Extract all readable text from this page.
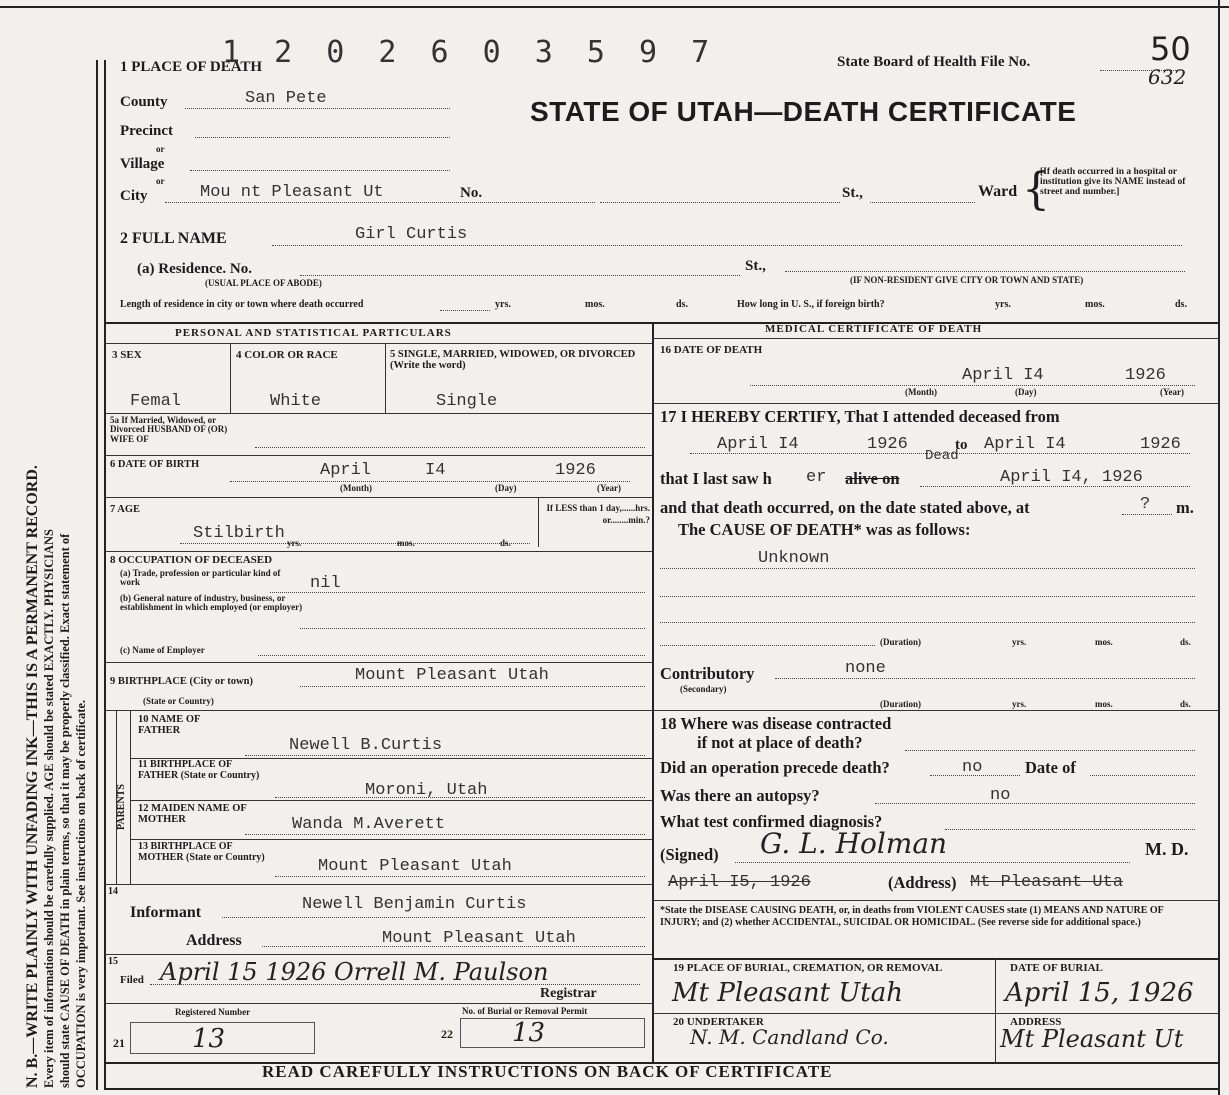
N. B.—WRITE PLAINLY WITH UNFADING INK—THIS IS A PERMANENT RECORD. Every item of information should be carefully supplied. AGE should be stated EXACTLY. PHYSICIANS should state CAUSE OF DEATH in plain terms, so that it may be properly classified. Exact statement of OCCUPATION is very important. See instructions on back of certificate.
1 PLACE OF DEATH
1 2 0 2 6 0 3 5 9 7	State Board of Health File No.	50
632
STATE OF UTAH—DEATH CERTIFICATE
County	San Pete
Precinct
or
Village
or
City	Mou nt Pleasant Ut	No.	St.,	Ward {
[If death occurred in a hospital or institution give its NAME instead of street and number.]
2 FULL NAME	Girl Curtis
(a) Residence. No.
(USUAL PLACE OF ABODE)
St.,
(IF NON-RESIDENT GIVE CITY OR TOWN AND STATE)
Length of residence in city or town where death occurred	yrs.	mos.	ds.	How long in U. S., if foreign birth?	yrs.	mos.	ds.
PERSONAL AND STATISTICAL PARTICULARS	MEDICAL CERTIFICATE OF DEATH
3 SEX
Femal
4 COLOR OR RACE
White
5 SINGLE, MARRIED, WIDOWED, OR DIVORCED (Write the word)
Single
5a If Married, Widowed, or Divorced HUSBAND OF (OR) WIFE OF
6 DATE OF BIRTH	April	I4	1926
(Month)	(Day)	(Year)
7 AGE
Stilbirth yrs.	mos.	ds.
If LESS than 1 day,......hrs. or........min.?
8 OCCUPATION OF DECEASED
(a) Trade, profession or particular kind of work
(b) General nature of industry, business, or establishment in which employed (or employer)
nil
(c) Name of Employer
9 BIRTHPLACE (City or town)
(State or Country)
Mount Pleasant Utah
PARENTS
10 NAME OF FATHER
Newell B.Curtis
11 BIRTHPLACE OF FATHER (State or Country)
Moroni, Utah
12 MAIDEN NAME OF MOTHER	Wanda M.Averett
13 BIRTHPLACE OF MOTHER (State or Country)	Mount Pleasant Utah
14
Informant	Newell Benjamin Curtis
Address	Mount Pleasant Utah
15
Filed April 15 1926 Orrell M. Paulson
Registrar
Registered Number
21	13
No. of Burial or Removal Permit
22 13
16 DATE OF DEATH
April I4	1926
(Month)	(Day)	(Year)
17 I HEREBY CERTIFY, That I attended deceased from
April I4	1926	to
Dead
April I4	1926
that I last saw h er alive on	April I4, 1926
and that death occurred, on the date stated above, at	? m.
The CAUSE OF DEATH* was as follows:
Unknown
(Duration)	yrs.	mos.	ds.
Contributory
(Secondary)
none
(Duration)	yrs.	mos.	ds.
18 Where was disease contracted
if not at place of death?
Did an operation precede death?	no	Date of
Was there an autopsy?	no
What test confirmed diagnosis?
(Signed) G. L. Holman	M. D.
April I5, 1926	(Address) Mt Pleasant Uta
*State the DISEASE CAUSING DEATH, or, in deaths from VIOLENT CAUSES state (1) MEANS AND NATURE OF INJURY; and (2) whether ACCIDENTAL, SUICIDAL OR HOMICIDAL. (See reverse side for additional space.)
19 PLACE OF BURIAL, CREMATION, OR REMOVAL
Mt Pleasant Utah
DATE OF BURIAL
April 15, 1926
20 UNDERTAKER
N. M. Candland Co.
ADDRESS
Mt Pleasant Ut
READ CAREFULLY INSTRUCTIONS ON BACK OF CERTIFICATE
